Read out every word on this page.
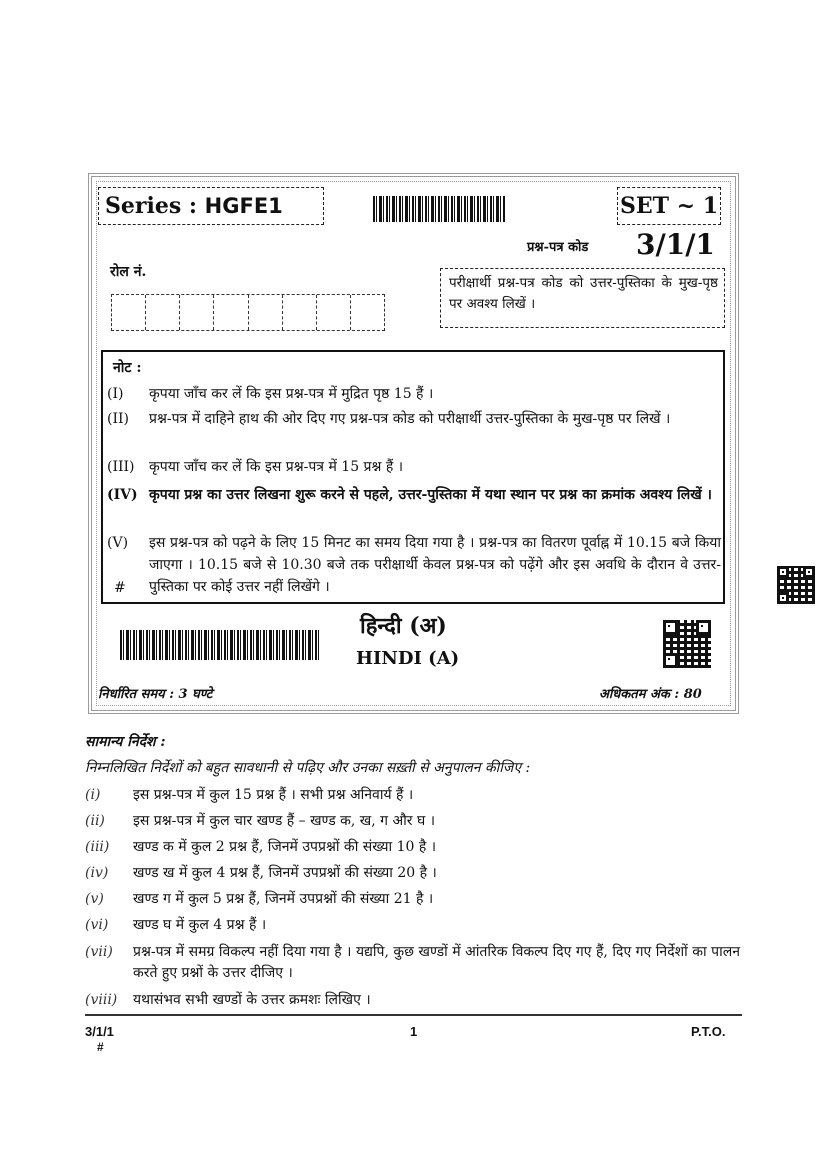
Series : HGFE1	SET ~ 1
प्रश्न-पत्र कोड 3/1/1
रोल नं.
परीक्षार्थी प्रश्न-पत्र कोड को उत्तर-पुस्तिका के मुख-पृष्ठ पर अवश्य लिखें ।
नोट :
(I)	कृपया जाँच कर लें कि इस प्रश्न-पत्र में मुद्रित पृष्ठ 15 हैं ।
(II)	प्रश्न-पत्र में दाहिने हाथ की ओर दिए गए प्रश्न-पत्र कोड को परीक्षार्थी उत्तर-पुस्तिका के मुख-पृष्ठ पर लिखें ।
(III)	कृपया जाँच कर लें कि इस प्रश्न-पत्र में 15 प्रश्न हैं ।
(IV) कृपया प्रश्न का उत्तर लिखना शुरू करने से पहले, उत्तर-पुस्तिका में यथा स्थान पर प्रश्न का क्रमांक अवश्य लिखें ।
(V)	इस प्रश्न-पत्र को पढ़ने के लिए 15 मिनट का समय दिया गया है । प्रश्न-पत्र का वितरण पूर्वाह्न में 10.15 बजे किया जाएगा । 10.15 बजे से 10.30 बजे तक परीक्षार्थी केवल प्रश्न-पत्र को पढ़ेंगे और इस अवधि के दौरान वे उत्तर-पुस्तिका पर कोई उत्तर नहीं लिखेंगे ।
#
हिन्दी (अ)
HINDI (A)
निर्धारित समय : 3 घण्टे	अधिकतम अंक : 80
सामान्य निर्देश :
निम्नलिखित निर्देशों को बहुत सावधानी से पढ़िए और उनका सख़्ती से अनुपालन कीजिए :
(i)	इस प्रश्न-पत्र में कुल 15 प्रश्न हैं । सभी प्रश्न अनिवार्य हैं ।
(ii)	इस प्रश्न-पत्र में कुल चार खण्ड हैं – खण्ड क, ख, ग और घ ।
(iii)	खण्ड क में कुल 2 प्रश्न हैं, जिनमें उपप्रश्नों की संख्या 10 है ।
(iv)	खण्ड ख में कुल 4 प्रश्न हैं, जिनमें उपप्रश्नों की संख्या 20 है ।
(v)	खण्ड ग में कुल 5 प्रश्न हैं, जिनमें उपप्रश्नों की संख्या 21 है ।
(vi)	खण्ड घ में कुल 4 प्रश्न हैं ।
(vii)	प्रश्न-पत्र में समग्र विकल्प नहीं दिया गया है । यद्यपि, कुछ खण्डों में आंतरिक विकल्प दिए गए हैं, दिए गए निर्देशों का पालन करते हुए प्रश्नों के उत्तर दीजिए ।
(viii)	यथासंभव सभी खण्डों के उत्तर क्रमशः लिखिए ।
3/1/1
#
1	P.T.O.
